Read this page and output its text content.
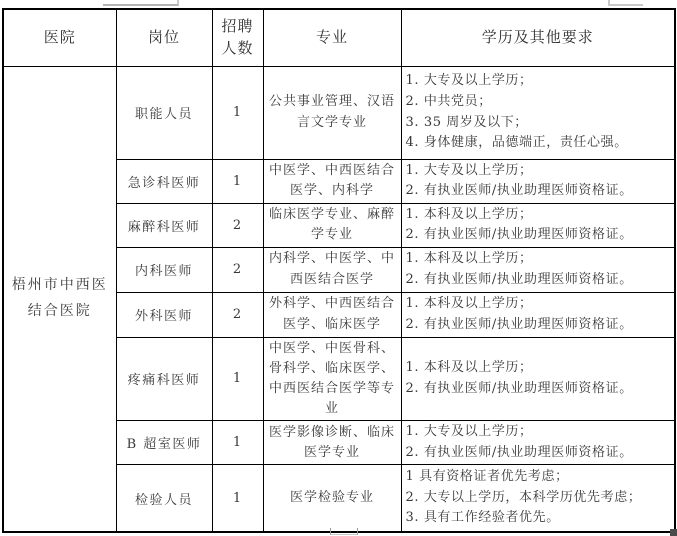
医院	岗位	招聘人数	专业	学历及其他要求

梧州市中西医结合医院	职能人员	1	公共事业管理、汉语言文学专业	1. 大专及以上学历；
2. 中共党员；
3. 35 周岁及以下；
4. 身体健康，品德端正，责任心强。

	急诊科医师	1	中医学、中西医结合医学、内科学	1. 大专及以上学历；
2. 有执业医师/执业助理医师资格证。

	麻醉科医师	2	临床医学专业、麻醉学专业	1. 本科及以上学历；
2. 有执业医师/执业助理医师资格证。

	内科医师	2	内科学、中医学、中西医结合医学	1. 本科及以上学历；
2. 有执业医师/执业助理医师资格证。

	外科医师	2	外科学、中西医结合医学、临床医学	1. 本科及以上学历；
2. 有执业医师/执业助理医师资格证。

	疼痛科医师	1	中医学、中医骨科、骨科学、临床医学、中西医结合医学等专业	1. 本科及以上学历；
2. 有执业医师/执业助理医师资格证。

	B 超室医师	1	医学影像诊断、临床医学专业	1. 大专及以上学历；
2. 有执业医师/执业助理医师资格证。

	检验人员	1	医学检验专业	1 具有资格证者优先考虑；
2. 大专以上学历，本科学历优先考虑；
3. 具有工作经验者优先。
